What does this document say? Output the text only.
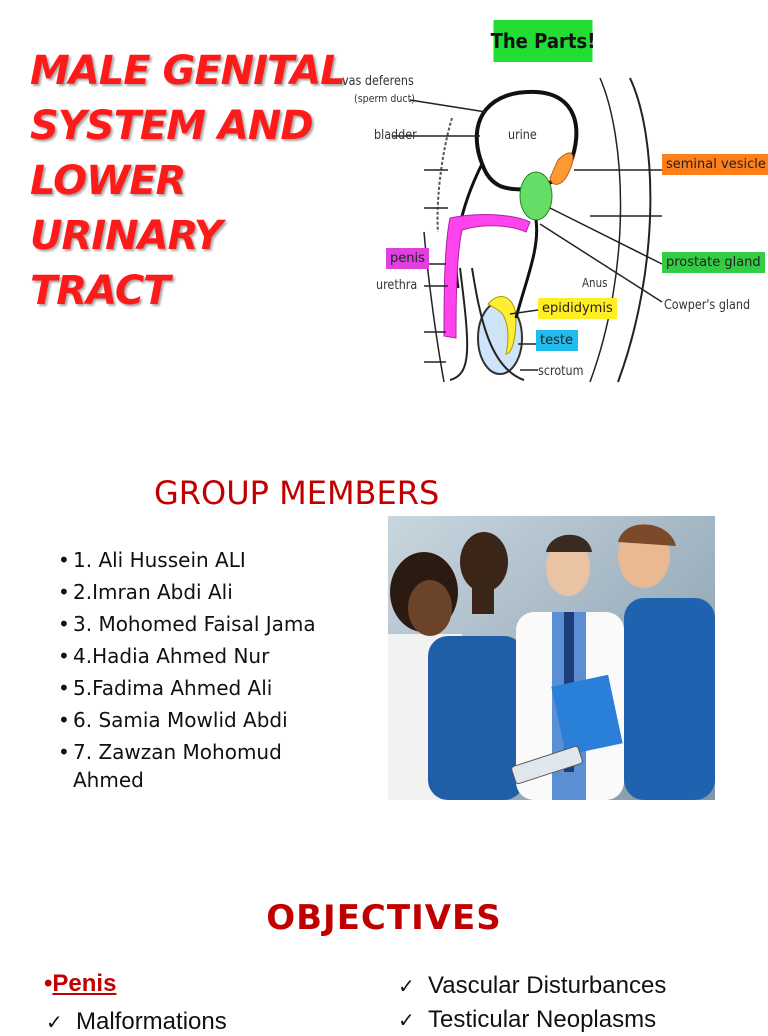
MALE GENITAL
SYSTEM AND
LOWER
URINARY
TRACT
The Parts!
vas deferens
(sperm duct)
bladder	urine
penis
urethra	Anus
scrotum
seminal vesicle
prostate gland
Cowper's gland
epididymis
teste
GROUP MEMBERS
• 1. Ali Hussein ALI
• 2.Imran Abdi Ali
• 3. Mohomed Faisal Jama
• 4.Hadia Ahmed Nur
• 5.Fadima Ahmed Ali
• 6. Samia Mowlid Abdi
• 7. Zawzan Mohomud Ahmed
OBJECTIVES
•Penis
✓ Malformations
✓ Vascular Disturbances
✓ Testicular Neoplasms
